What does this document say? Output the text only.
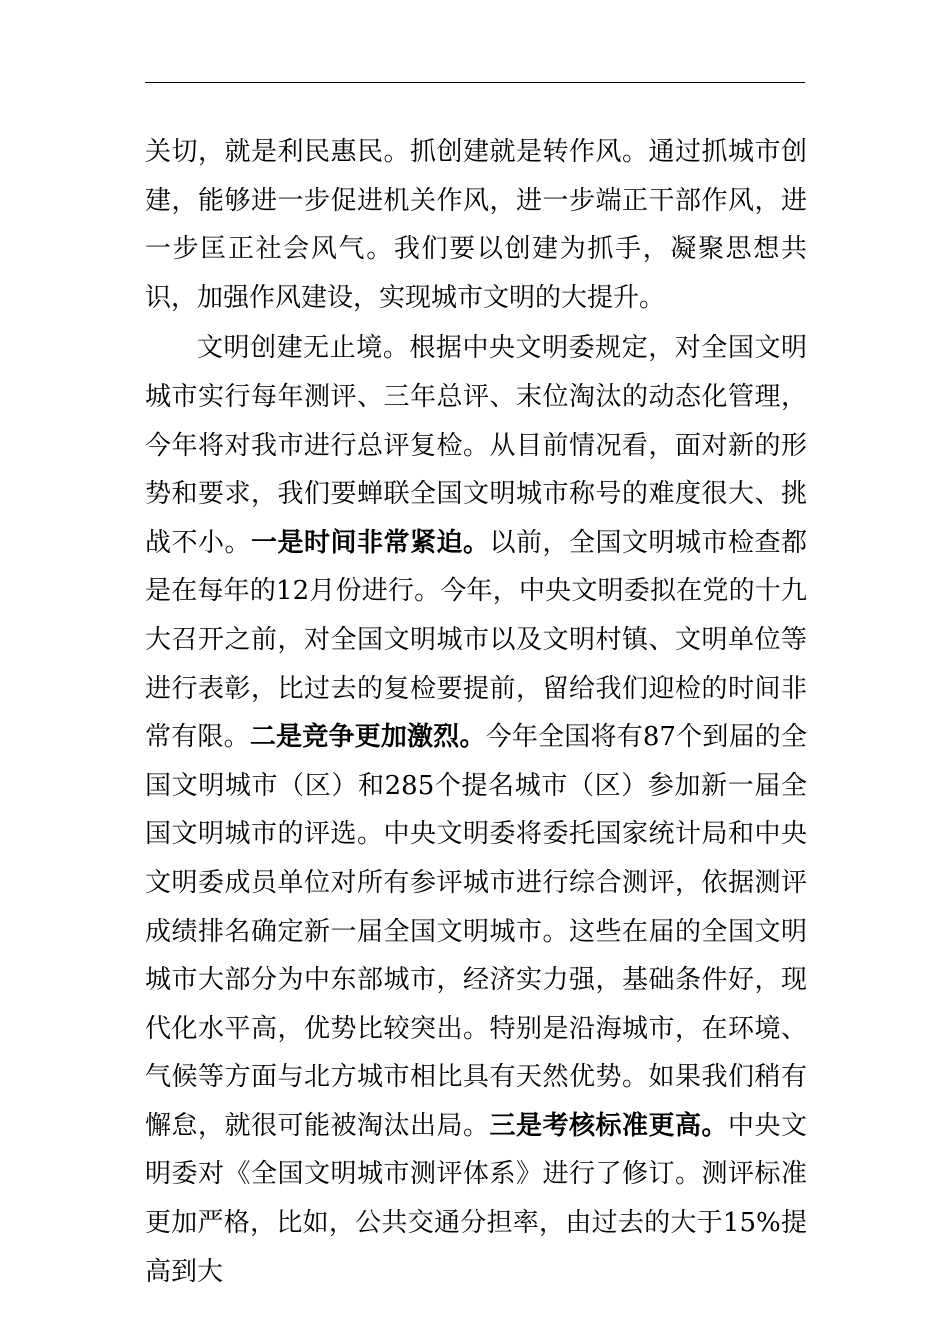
关切，就是利民惠民。抓创建就是转作风。通过抓城市创建，能够进一步促进机关作风，进一步端正干部作风，进一步匡正社会风气。我们要以创建为抓手，凝聚思想共识，加强作风建设，实现城市文明的大提升。

文明创建无止境。根据中央文明委规定，对全国文明城市实行每年测评、三年总评、末位淘汰的动态化管理，今年将对我市进行总评复检。从目前情况看，面对新的形势和要求，我们要蝉联全国文明城市称号的难度很大、挑战不小。一是时间非常紧迫。以前，全国文明城市检查都是在每年的12月份进行。今年，中央文明委拟在党的十九大召开之前，对全国文明城市以及文明村镇、文明单位等进行表彰，比过去的复检要提前，留给我们迎检的时间非常有限。二是竞争更加激烈。今年全国将有87个到届的全国文明城市（区）和285个提名城市（区）参加新一届全国文明城市的评选。中央文明委将委托国家统计局和中央文明委成员单位对所有参评城市进行综合测评，依据测评成绩排名确定新一届全国文明城市。这些在届的全国文明城市大部分为中东部城市，经济实力强，基础条件好，现代化水平高，优势比较突出。特别是沿海城市，在环境、气候等方面与北方城市相比具有天然优势。如果我们稍有懈怠，就很可能被淘汰出局。三是考核标准更高。中央文明委对《全国文明城市测评体系》进行了修订。测评标准更加严格，比如，公共交通分担率，由过去的大于15%提高到大
